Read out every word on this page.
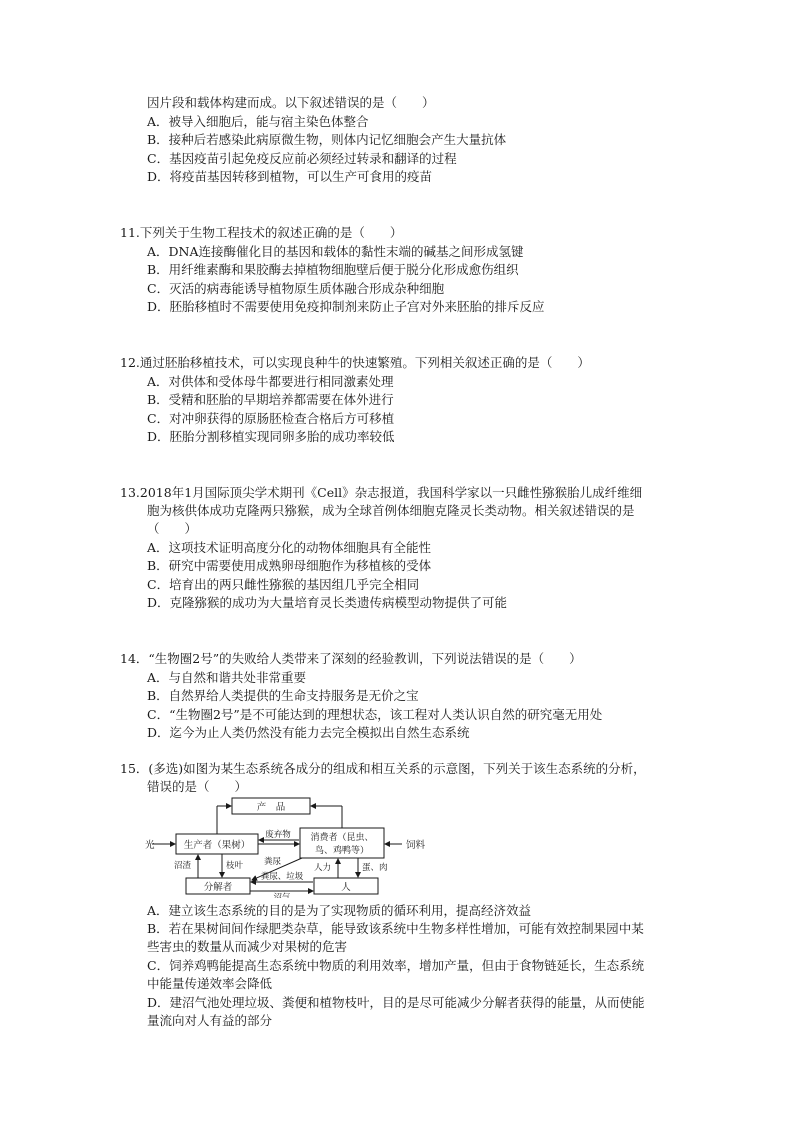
因片段和载体构建而成。以下叙述错误的是（　　）
A．被导入细胞后，能与宿主染色体整合
B．接种后若感染此病原微生物，则体内记忆细胞会产生大量抗体
C．基因疫苗引起免疫反应前必须经过转录和翻译的过程
D．将疫苗基因转移到植物，可以生产可食用的疫苗
11.下列关于生物工程技术的叙述正确的是（　　）
A．DNA连接酶催化目的基因和载体的黏性末端的碱基之间形成氢键
B．用纤维素酶和果胶酶去掉植物细胞壁后便于脱分化形成愈伤组织
C．灭活的病毒能诱导植物原生质体融合形成杂种细胞
D．胚胎移植时不需要使用免疫抑制剂来防止子宫对外来胚胎的排斥反应
12.通过胚胎移植技术，可以实现良种牛的快速繁殖。下列相关叙述正确的是（　　）
A．对供体和受体母牛都要进行相同激素处理
B．受精和胚胎的早期培养都需要在体外进行
C．对冲卵获得的原肠胚检查合格后方可移植
D．胚胎分割移植实现同卵多胎的成功率较低
13.2018年1月国际顶尖学术期刊《Cell》杂志报道，我国科学家以一只雌性猕猴胎儿成纤维细
胞为核供体成功克隆两只猕猴，成为全球首例体细胞克隆灵长类动物。相关叙述错误的是
（　　）
A．这项技术证明高度分化的动物体细胞具有全能性
B．研究中需要使用成熟卵母细胞作为移植核的受体
C．培育出的两只雌性猕猴的基因组几乎完全相同
D．克隆猕猴的成功为大量培育灵长类遗传病模型动物提供了可能
14．“生物圈2号”的失败给人类带来了深刻的经验教训，下列说法错误的是（　　）
A．与自然和谐共处非常重要
B．自然界给人类提供的生命支持服务是无价之宝
C．“生物圈2号”是不可能达到的理想状态，该工程对人类认识自然的研究毫无用处
D．迄今为止人类仍然没有能力去完全模拟出自然生态系统
15．(多选)如图为某生态系统各成分的组成和相互关系的示意图，下列关于该生态系统的分析，
错误的是（　　）
产　品
光	生产者（果树）
废弃物 消费者（昆虫、
鸟、鸡鸭等）	饲料
沼渣	枝叶 粪尿
人力	蛋、肉
粪尿、垃圾
分解者
沼气
人
A．建立该生态系统的目的是为了实现物质的循环利用，提高经济效益
B．若在果树间间作绿肥类杂草，能导致该系统中生物多样性增加，可能有效控制果园中某
些害虫的数量从而减少对果树的危害
C．饲养鸡鸭能提高生态系统中物质的利用效率，增加产量，但由于食物链延长，生态系统
中能量传递效率会降低
D．建沼气池处理垃圾、粪便和植物枝叶，目的是尽可能减少分解者获得的能量，从而使能
量流向对人有益的部分
